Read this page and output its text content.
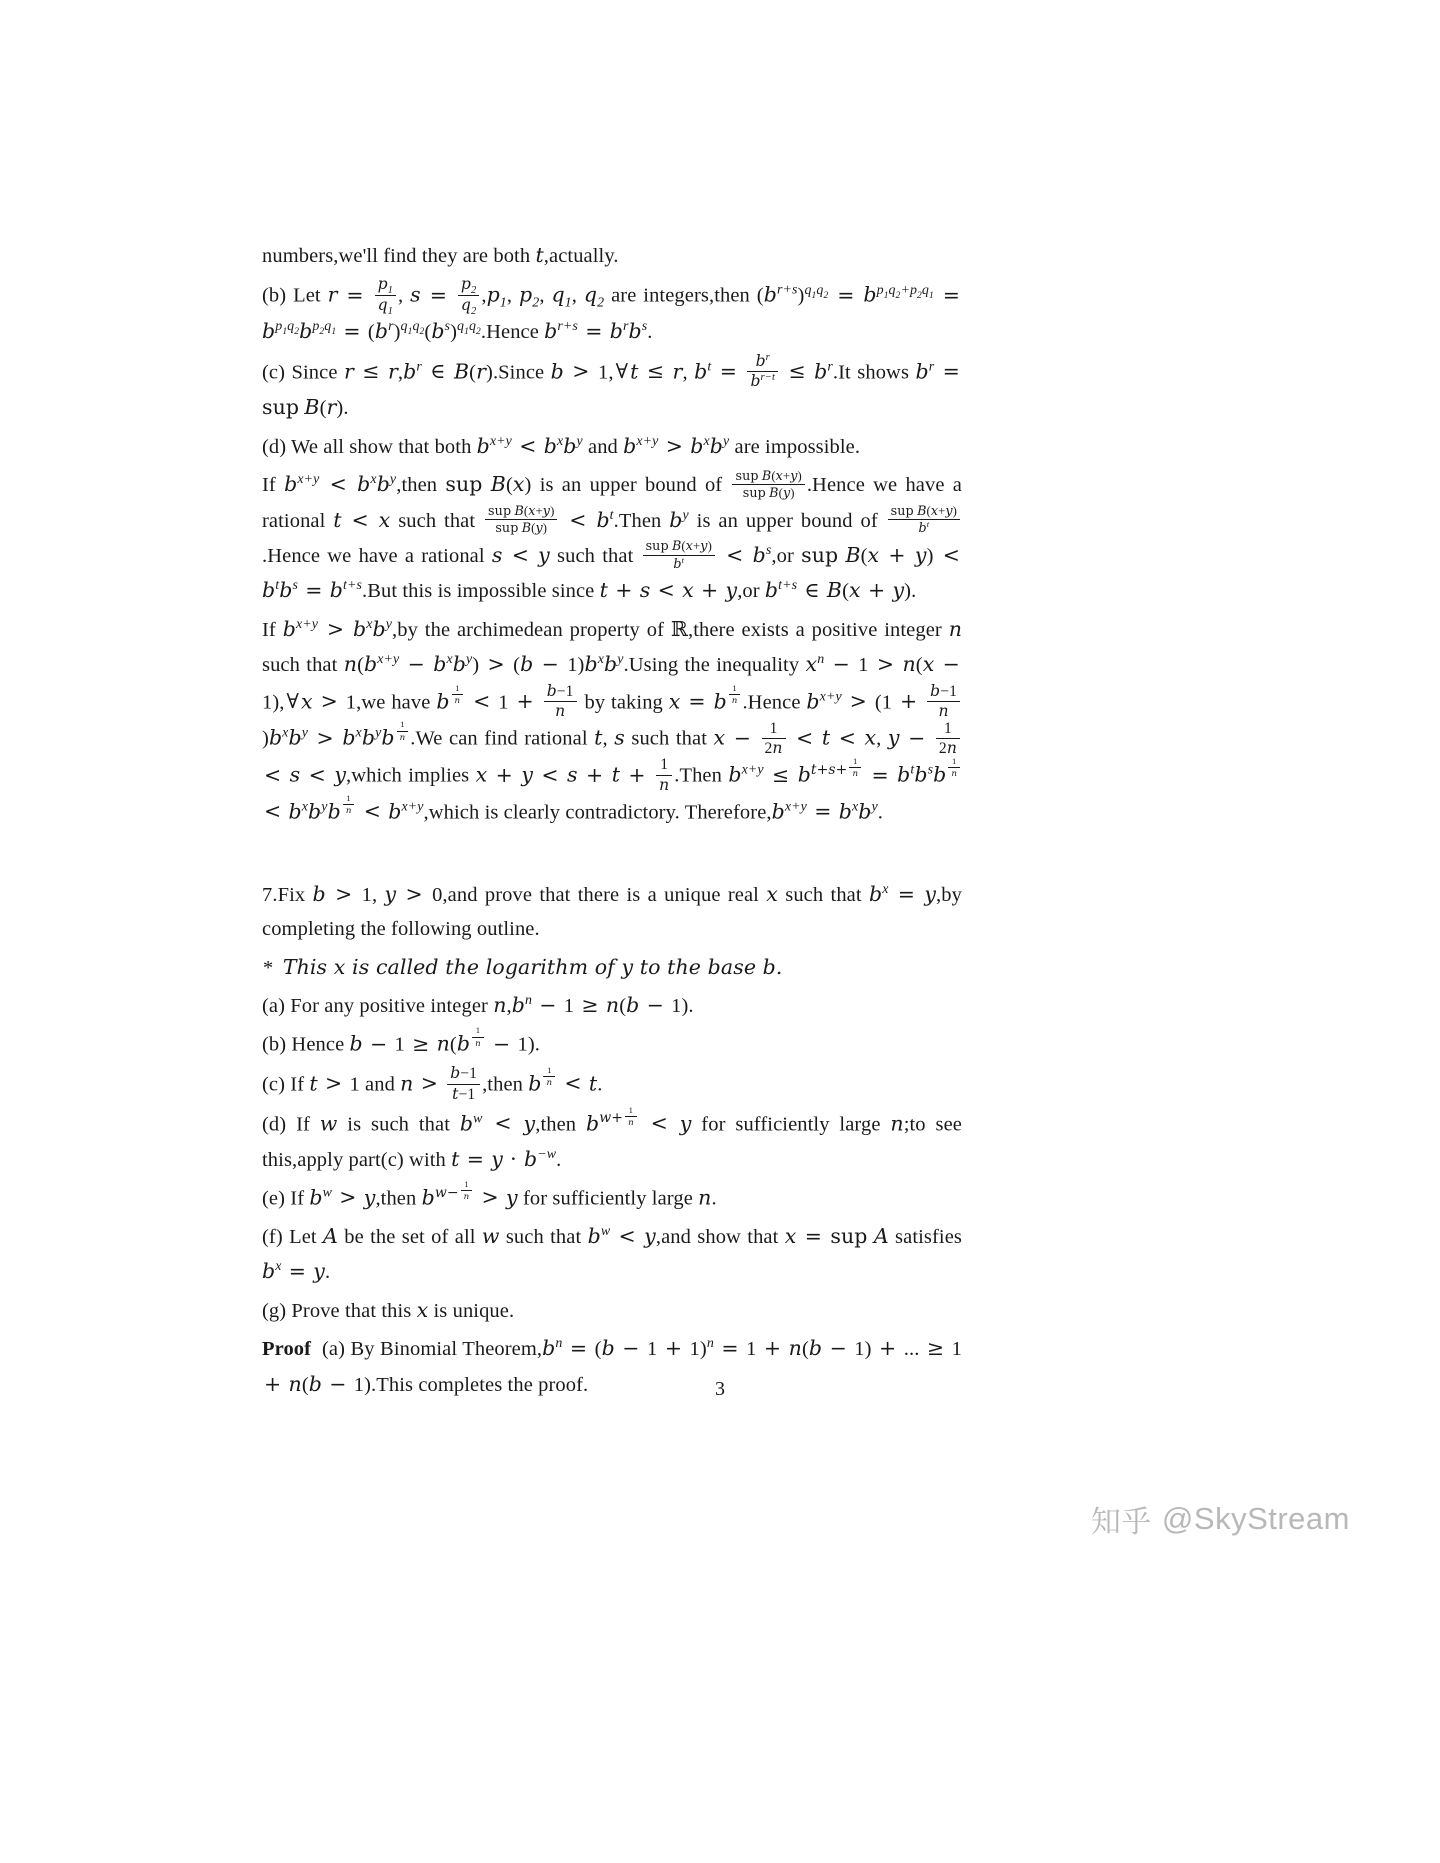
numbers,we'll find they are both t,actually.

(b) Let $r = \frac{p_1}{q_1}$ , $s = \frac{p_2}{q_2} ,p_1$, $p_2$, $q_1$, $q_2$ are integers,then $(b^{r+s})^{q_1q_2} = b^{p_1q_2+p_2q_1} = b^{p_1q_2}b^{p_2q_1}$ = $(b^r)^{q_1q_2}(b^s)^{q_1q_2}.Hence$ $b^{r+s} = b^rb^s$.

(c) Since $r \le r,b^r$ ∈ B(r).Since b > 1,∀t ≤ r, $b^t = \frac{b^r}{b^{r-t}} \le b^r.It$ shows $b^r$ = sup B(r).

(d) We all show that both $b^{x+y} < b^xb^y$ and $b^{x+y} > b^xb^y$ are impossible.

If $b^{x+y}$ < $b^xb^y,then$ sup B(x) is an upper bound of $\frac{\text{sup B(x+y)}}{\text{sup B(y)}}$ .Hence we have a rational t < x such that $\frac{\text{sup B(x+y)}}{\text{sup B(y)}}$ < $b^t.Then$ $b^y$ is an upper bound of $\frac{\text{sup B(x+y)}}{b^t}$
.Hence we have a rational s < y such that $\frac{\text{sup B(x+y)}}{b^t} < b^s,or$ sup $B(x + y) < b^tb^s = b^{t+s}.But$ this is impossible since t + s < x + y,or $b^{t+s}$ ∈ B(x + y).

If $b^{x+y} > b^xb^y,by$ the archimedean property of ℝ,there exists a positive integer n such that $n(b^{x+y} - b^xb^y) > (b - 1)b^xb^y.Using$ the inequality $x^n - 1 > n(x$ − 1),∀x > 1,we have b $^{\frac{1}{n}} < 1 + \frac{b-1}{n}$ by taking x = b $^{\frac{1}{n}}$ .Hence $b^{x+y} > (1 + \frac{b-1}{n}$
)$b^xb^y > b^xb^yb$ $^{\frac{1}{n}}$ .We can find rational t, s such that $x - \frac{1}{2n} < t < x$, $y - \frac{1}{2n}$
< s < y,which implies $x + y < s + t + \frac{1}{n}$ .Then $b^{x+y} \le b^{t+s+ \frac{1}{n}} = b^tb^sb$ $^{\frac{1}{n}}$
< $b^xb^yb$ $^{\frac{1}{n}} < b^{x+y},which$ is clearly contradictory. $Therefore,b^{x+y} = b^xb^y$.

7.Fix b > 1, y > 0,and prove that there is a unique real x such that $b^x = y,by$ completing the following outline.

*  This x is called the logarithm of y to the base b.

(a) For any positive integer $n,b^n - 1 \ge n(b - 1)$.

(b) Hence b − 1 ≥ n(b $^{\frac{1}{n}}$ − 1).

(c) If t > 1 and $n > \frac{b-1}{t-1}$ ,then b $^{\frac{1}{n}}$ < t.

(d) If w is such that $b^w$ < y,then $b^{w+ \frac{1}{n}} < y$ for sufficiently large n;to see this,apply part(c) with $t = y \cdot b^{-w}$.

(e) If $b^w$ > y,then $b^{w- \frac{1}{n}} > y$ for sufficiently large n.

(f) Let A be the set of all w such that $b^w < y,and$ show that x = sup A satisfies $b^x = y$.

(g) Prove that this x is unique.

Proof  (a) By Binomial $Theorem,b^n = (b - 1 + 1)^n = 1 + n(b - 1)$ + ... ≥ 1 + n(b − 1).This completes the proof.	3
知乎 @SkyStream
